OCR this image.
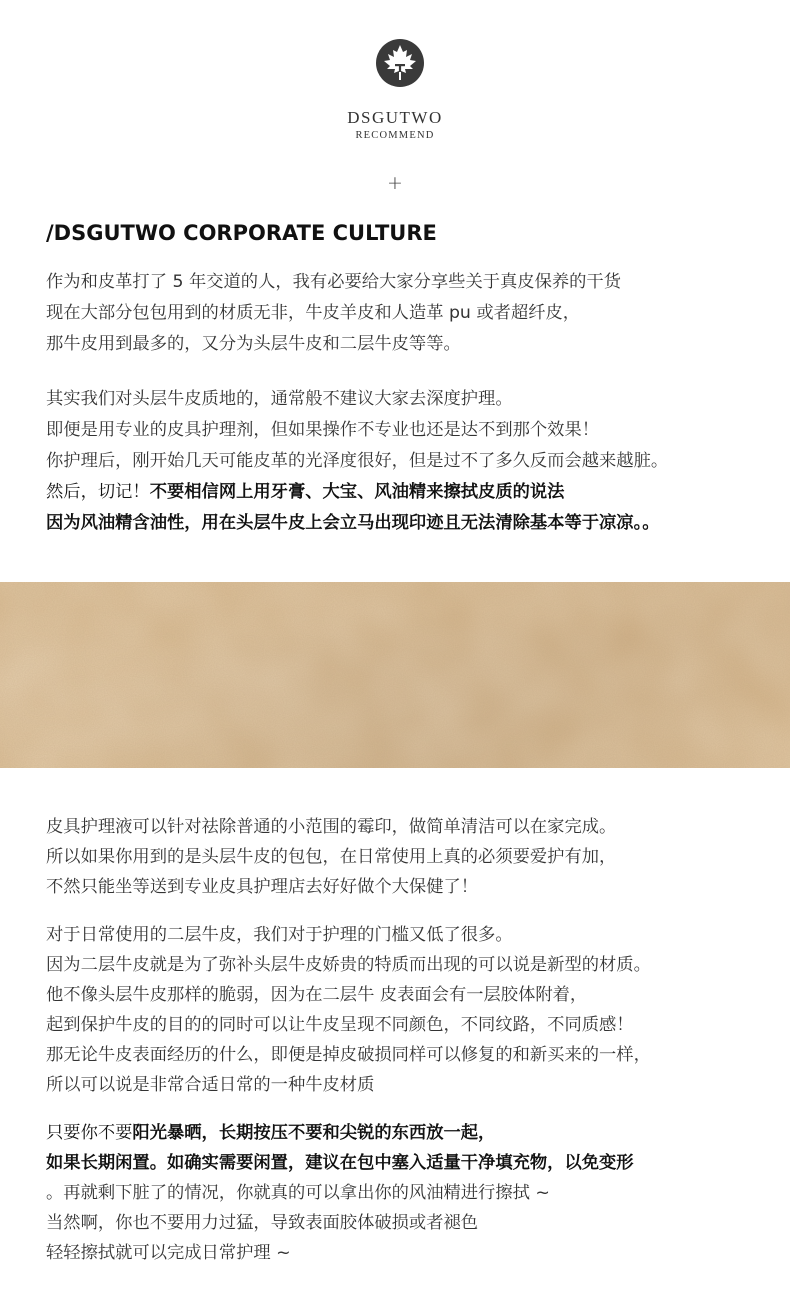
DSGUTWO
RECOMMEND
+
/DSGUTWO CORPORATE CULTURE
作为和皮革打了 5 年交道的人，我有必要给大家分享些关于真皮保养的干货
现在大部分包包用到的材质无非，牛皮羊皮和人造革 pu 或者超纤皮，
那牛皮用到最多的，又分为头层牛皮和二层牛皮等等。
其实我们对头层牛皮质地的，通常般不建议大家去深度护理。
即便是用专业的皮具护理剂，但如果操作不专业也还是达不到那个效果！
你护理后，刚开始几天可能皮革的光泽度很好，但是过不了多久反而会越来越脏。
然后，切记！不要相信网上用牙膏、大宝、风油精来擦拭皮质的说法
因为风油精含油性，用在头层牛皮上会立马出现印迹且无法清除基本等于凉凉。。
皮具护理液可以针对祛除普通的小范围的霉印，做简单清洁可以在家完成。
所以如果你用到的是头层牛皮的包包，在日常使用上真的必须要爱护有加，
不然只能坐等送到专业皮具护理店去好好做个大保健了！
对于日常使用的二层牛皮，我们对于护理的门槛又低了很多。
因为二层牛皮就是为了弥补头层牛皮娇贵的特质而出现的可以说是新型的材质。
他不像头层牛皮那样的脆弱，因为在二层牛 皮表面会有一层胶体附着，
起到保护牛皮的目的的同时可以让牛皮呈现不同颜色，不同纹路，不同质感！
那无论牛皮表面经历的什么，即便是掉皮破损同样可以修复的和新买来的一样，
所以可以说是非常合适日常的一种牛皮材质
只要你不要阳光暴晒，长期按压不要和尖锐的东西放一起，
如果长期闲置。如确实需要闲置，建议在包中塞入适量干净填充物，以免变形
。再就剩下脏了的情况，你就真的可以拿出你的风油精进行擦拭 ~
当然啊，你也不要用力过猛，导致表面胶体破损或者褪色
轻轻擦拭就可以完成日常护理 ~
